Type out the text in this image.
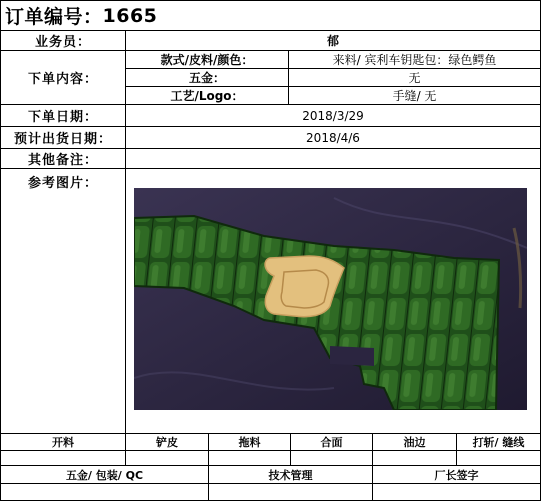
订单编号： 1665
业务员：	郁
下单内容：
款式/皮料/颜色：	来料/ 宾利车钥匙包：绿色鳄鱼
五金：	无
工艺/Logo：	手缝/ 无
下单日期：	2018/3/29
预计出货日期：	2018/4/6
其他备注：
参考图片：
开料	铲皮	拖料	合面	油边	打斩/ 缝线
五金/ 包装/ QC	技术管理	厂长签字
